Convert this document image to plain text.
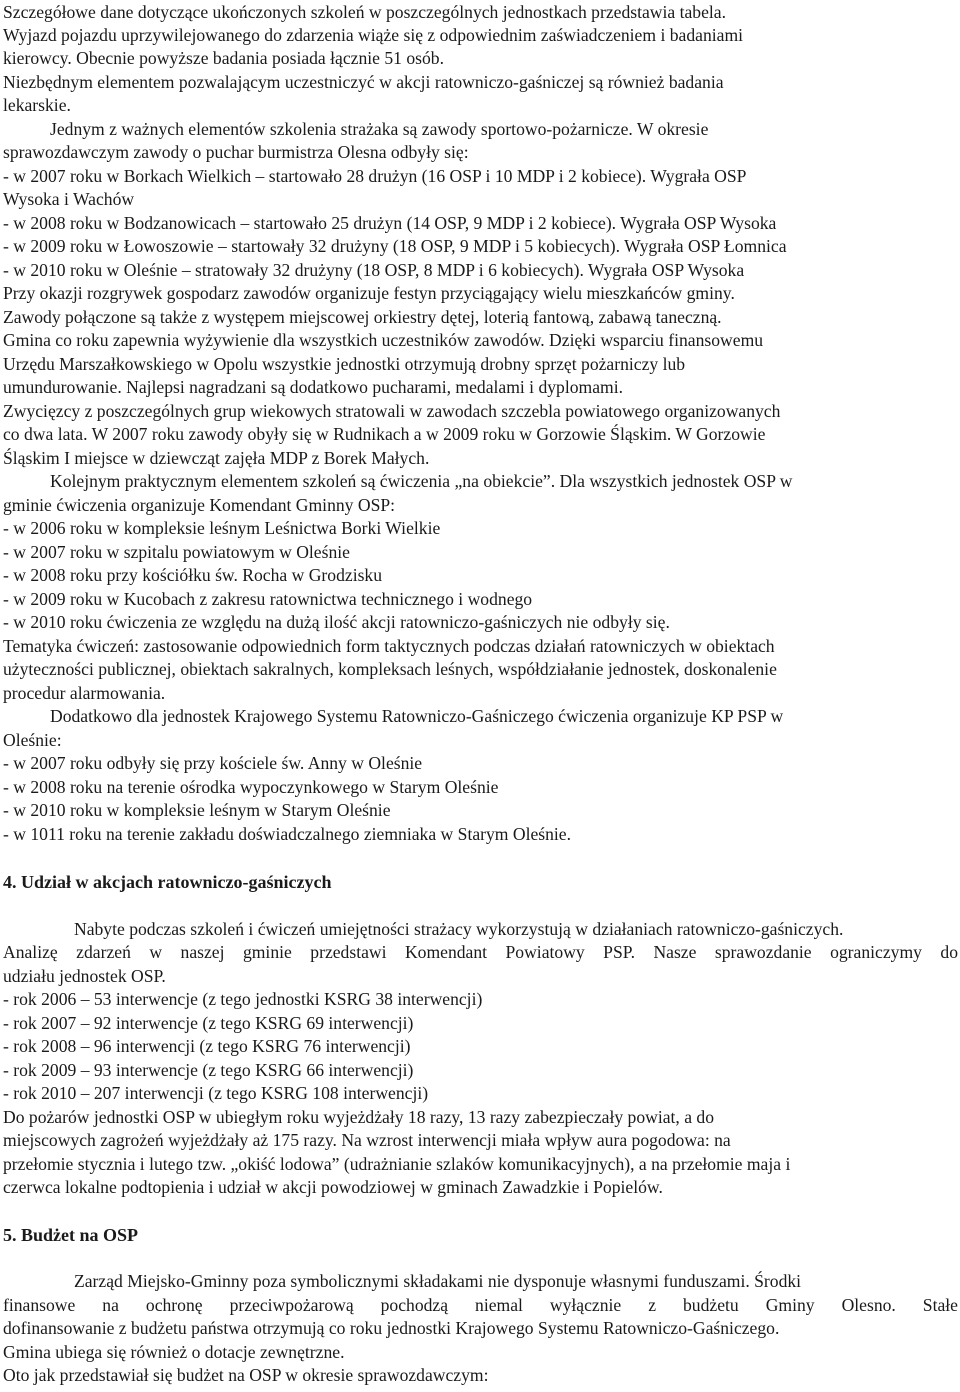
Szczegółowe dane dotyczące ukończonych szkoleń w poszczególnych jednostkach przedstawia tabela.

Wyjazd pojazdu uprzywilejowanego do zdarzenia wiąże się z odpowiednim zaświadczeniem i badaniami

kierowcy. Obecnie powyższe badania posiada łącznie 51 osób.

Niezbędnym elementem pozwalającym uczestniczyć w akcji ratowniczo-gaśniczej są również badania

lekarskie.

Jednym z ważnych elementów szkolenia strażaka są zawody sportowo-pożarnicze. W okresie

sprawozdawczym zawody o puchar burmistrza Olesna odbyły się:

- w 2007 roku w Borkach Wielkich – startowało 28 drużyn (16 OSP i 10 MDP i 2 kobiece). Wygrała OSP

Wysoka i Wachów

- w 2008 roku w Bodzanowicach – startowało 25 drużyn (14 OSP, 9 MDP i 2 kobiece). Wygrała OSP Wysoka

- w 2009 roku w Łowoszowie – startowały 32 drużyny (18 OSP, 9 MDP i 5 kobiecych). Wygrała OSP Łomnica

- w 2010 roku w Oleśnie – stratowały 32 drużyny (18 OSP, 8 MDP i 6 kobiecych). Wygrała OSP Wysoka

Przy okazji rozgrywek gospodarz zawodów organizuje festyn przyciągający wielu mieszkańców gminy.

Zawody połączone są także z występem miejscowej orkiestry dętej, loterią fantową, zabawą taneczną.

Gmina co roku zapewnia wyżywienie dla wszystkich uczestników zawodów. Dzięki wsparciu finansowemu

Urzędu Marszałkowskiego w Opolu wszystkie jednostki otrzymują drobny sprzęt pożarniczy lub

umundurowanie. Najlepsi nagradzani są dodatkowo pucharami, medalami i dyplomami.

Zwycięzcy z poszczególnych grup wiekowych stratowali w zawodach szczebla powiatowego organizowanych

co dwa lata. W 2007 roku zawody obyły się w Rudnikach a w 2009 roku w Gorzowie Śląskim. W Gorzowie

Śląskim I miejsce w dziewcząt zajęła MDP z Borek Małych.

Kolejnym praktycznym elementem szkoleń są ćwiczenia „na obiekcie”. Dla wszystkich jednostek OSP w

gminie ćwiczenia organizuje Komendant Gminny OSP:

- w 2006 roku w kompleksie leśnym Leśnictwa Borki Wielkie

- w 2007 roku w szpitalu powiatowym w Oleśnie

- w 2008 roku przy kościółku św. Rocha w Grodzisku

- w 2009 roku w Kucobach z zakresu ratownictwa technicznego i wodnego

- w 2010 roku ćwiczenia ze względu na dużą ilość akcji ratowniczo-gaśniczych nie odbyły się.

Tematyka ćwiczeń: zastosowanie odpowiednich form taktycznych podczas działań ratowniczych w obiektach

użyteczności publicznej, obiektach sakralnych, kompleksach leśnych, współdziałanie jednostek, doskonalenie

procedur alarmowania.

Dodatkowo dla jednostek Krajowego Systemu Ratowniczo-Gaśniczego ćwiczenia organizuje KP PSP w

Oleśnie:

- w 2007 roku odbyły się przy kościele św. Anny w Oleśnie

- w 2008 roku na terenie ośrodka wypoczynkowego w Starym Oleśnie

- w 2010 roku w kompleksie leśnym w Starym Oleśnie

- w 1011 roku na terenie zakładu doświadczalnego ziemniaka w Starym Oleśnie.

4. Udział w akcjach ratowniczo-gaśniczych

Nabyte podczas szkoleń i ćwiczeń umiejętności strażacy wykorzystują w działaniach ratowniczo-gaśniczych.

Analizę zdarzeń w naszej gminie przedstawi Komendant Powiatowy PSP. Nasze sprawozdanie ograniczymy do

udziału jednostek OSP.

- rok 2006 – 53 interwencje (z tego jednostki KSRG 38 interwencji)

- rok 2007 – 92 interwencje (z tego KSRG 69 interwencji)

- rok 2008 – 96 interwencji (z tego KSRG 76 interwencji)

- rok 2009 – 93 interwencje (z tego KSRG 66 interwencji)

- rok 2010 – 207 interwencji (z tego KSRG 108 interwencji)

Do pożarów jednostki OSP w ubiegłym roku wyjeżdżały 18 razy, 13 razy zabezpieczały powiat, a do

miejscowych zagrożeń wyjeżdżały aż 175 razy. Na wzrost interwencji miała wpływ aura pogodowa: na

przełomie stycznia i lutego tzw. „okiść lodowa” (udrażnianie szlaków komunikacyjnych), a na przełomie maja i

czerwca lokalne podtopienia i udział w akcji powodziowej w gminach Zawadzkie i Popielów.

5. Budżet na OSP

Zarząd Miejsko-Gminny poza symbolicznymi składakami nie dysponuje własnymi funduszami. Środki

finansowe na ochronę przeciwpożarową pochodzą niemal wyłącznie z budżetu Gminy Olesno. Stałe

dofinansowanie z budżetu państwa otrzymują co roku jednostki Krajowego Systemu Ratowniczo-Gaśniczego.

Gmina ubiega się również o dotacje zewnętrzne.

Oto jak przedstawiał się budżet na OSP w okresie sprawozdawczym:
